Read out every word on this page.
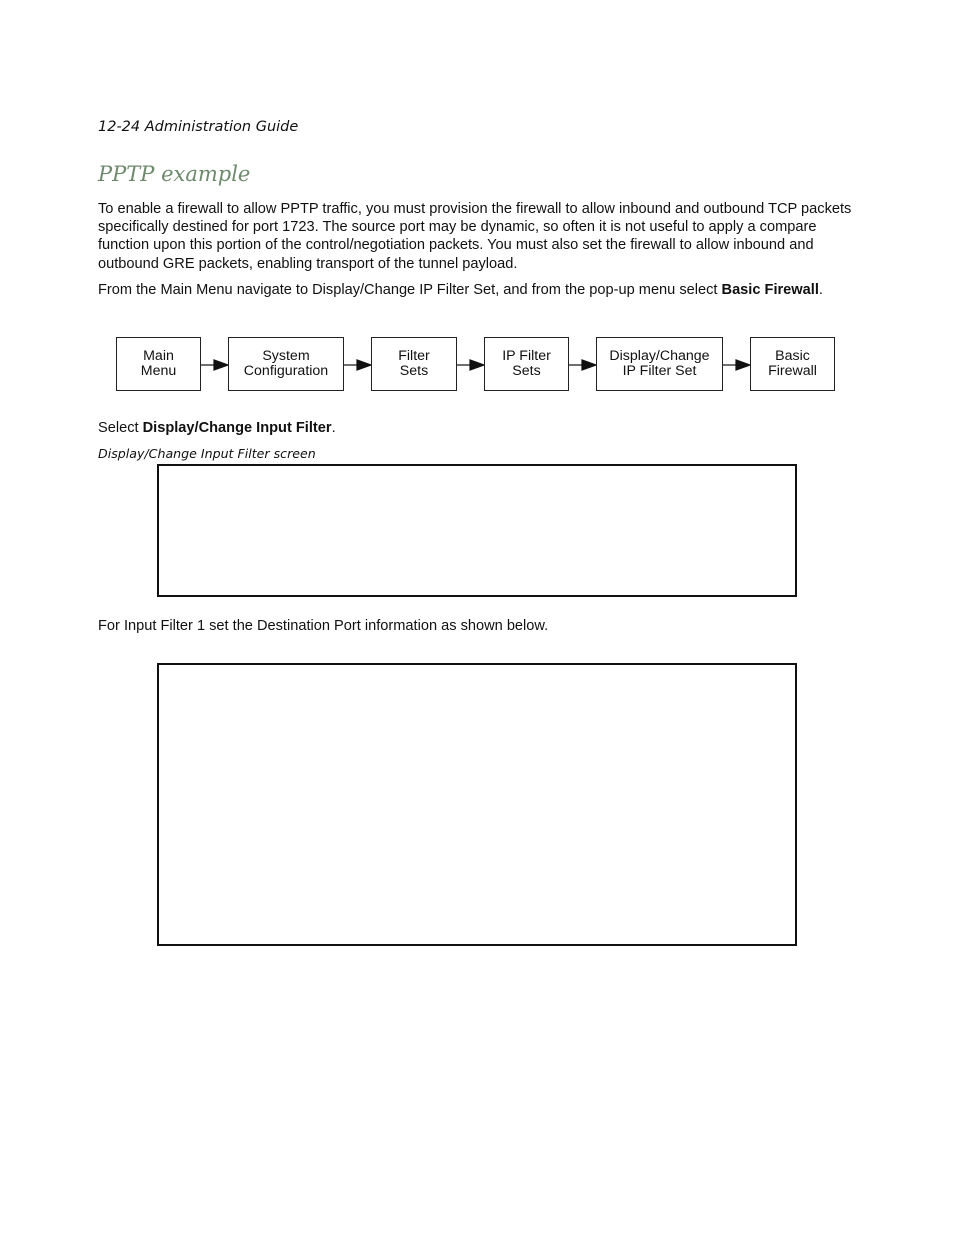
12-24 Administration Guide
PPTP example

To enable a firewall to allow PPTP traffic, you must provision the firewall to allow inbound and outbound TCP packets specifically destined for port 1723. The source port may be dynamic, so often it is not useful to apply a compare function upon this portion of the control/negotiation packets. You must also set the firewall to allow inbound and outbound GRE packets, enabling transport of the tunnel payload.

From the Main Menu navigate to Display/Change IP Filter Set, and from the pop-up menu select Basic Firewall.

Main
Menu
System
Configuration
Filter
Sets
IP Filter
Sets
Display/Change
IP Filter Set
Basic
Firewall

Select Display/Change Input Filter.

Display/Change Input Filter screen

For Input Filter 1 set the Destination Port information as shown below.
